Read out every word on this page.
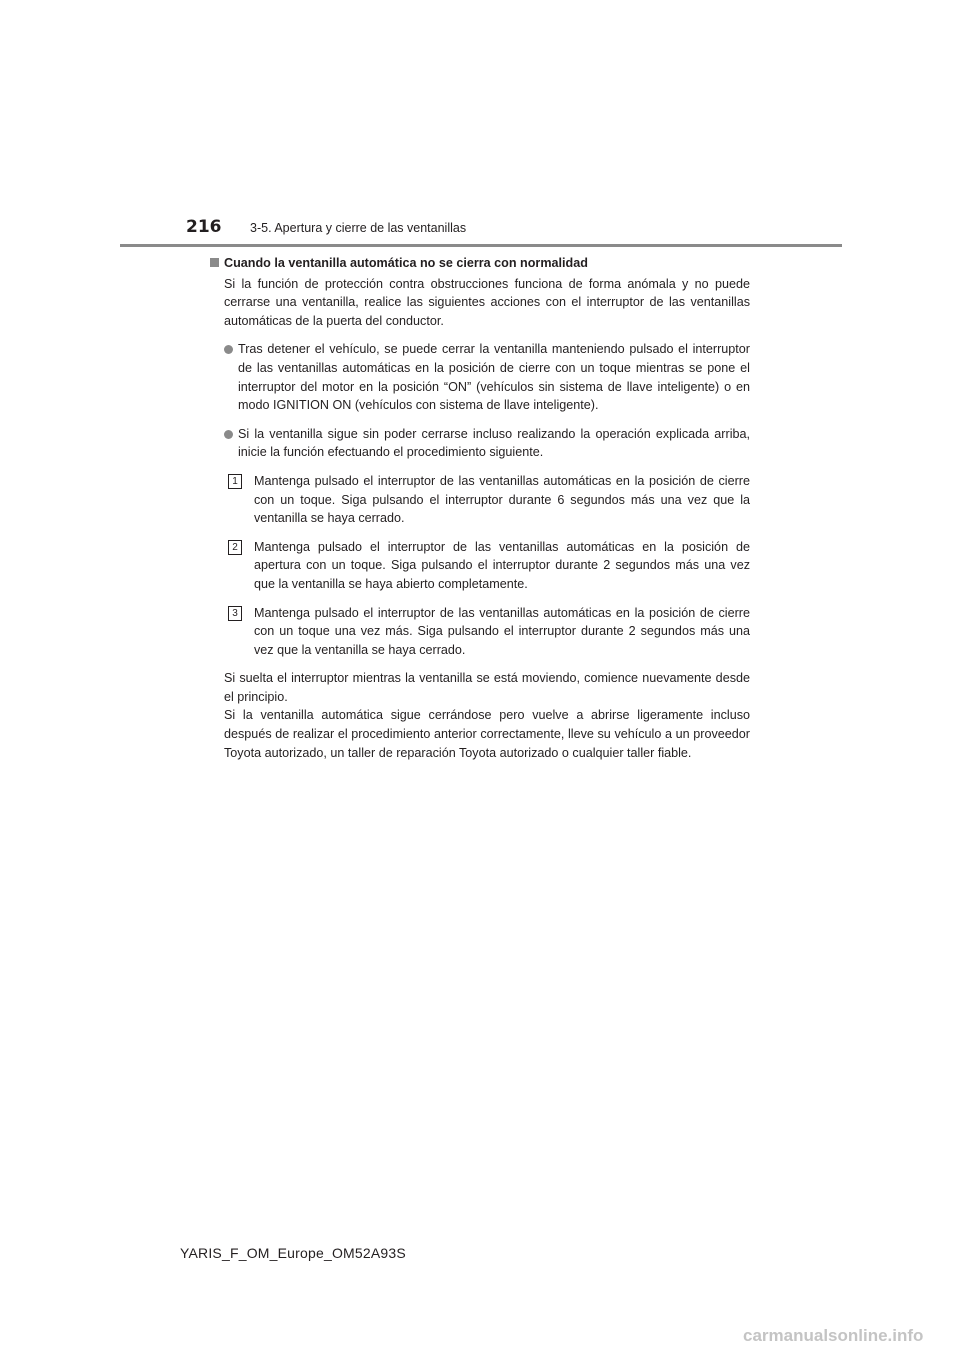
216	3-5. Apertura y cierre de las ventanillas
Cuando la ventanilla automática no se cierra con normalidad
Si la función de protección contra obstrucciones funciona de forma anómala y no puede cerrarse una ventanilla, realice las siguientes acciones con el interruptor de las ventanillas automáticas de la puerta del conductor.
Tras detener el vehículo, se puede cerrar la ventanilla manteniendo pulsado el interruptor de las ventanillas automáticas en la posición de cierre con un toque mientras se pone el interruptor del motor en la posición “ON” (vehículos sin sistema de llave inteligente) o en modo IGNITION ON (vehículos con sistema de llave inteligente).
Si la ventanilla sigue sin poder cerrarse incluso realizando la operación explicada arriba, inicie la función efectuando el procedimiento siguiente.
1	Mantenga pulsado el interruptor de las ventanillas automáticas en la posición de cierre con un toque. Siga pulsando el interruptor durante 6 segundos más una vez que la ventanilla se haya cerrado.
2	Mantenga pulsado el interruptor de las ventanillas automáticas en la posición de apertura con un toque. Siga pulsando el interruptor durante 2 segundos más una vez que la ventanilla se haya abierto completamente.
3	Mantenga pulsado el interruptor de las ventanillas automáticas en la posición de cierre con un toque una vez más. Siga pulsando el interruptor durante 2 segundos más una vez que la ventanilla se haya cerrado.
Si suelta el interruptor mientras la ventanilla se está moviendo, comience nuevamente desde el principio.
Si la ventanilla automática sigue cerrándose pero vuelve a abrirse ligeramente incluso después de realizar el procedimiento anterior correctamente, lleve su vehículo a un proveedor Toyota autorizado, un taller de reparación Toyota autorizado o cualquier taller fiable.
YARIS_F_OM_Europe_OM52A93S
carmanualsonline.info
